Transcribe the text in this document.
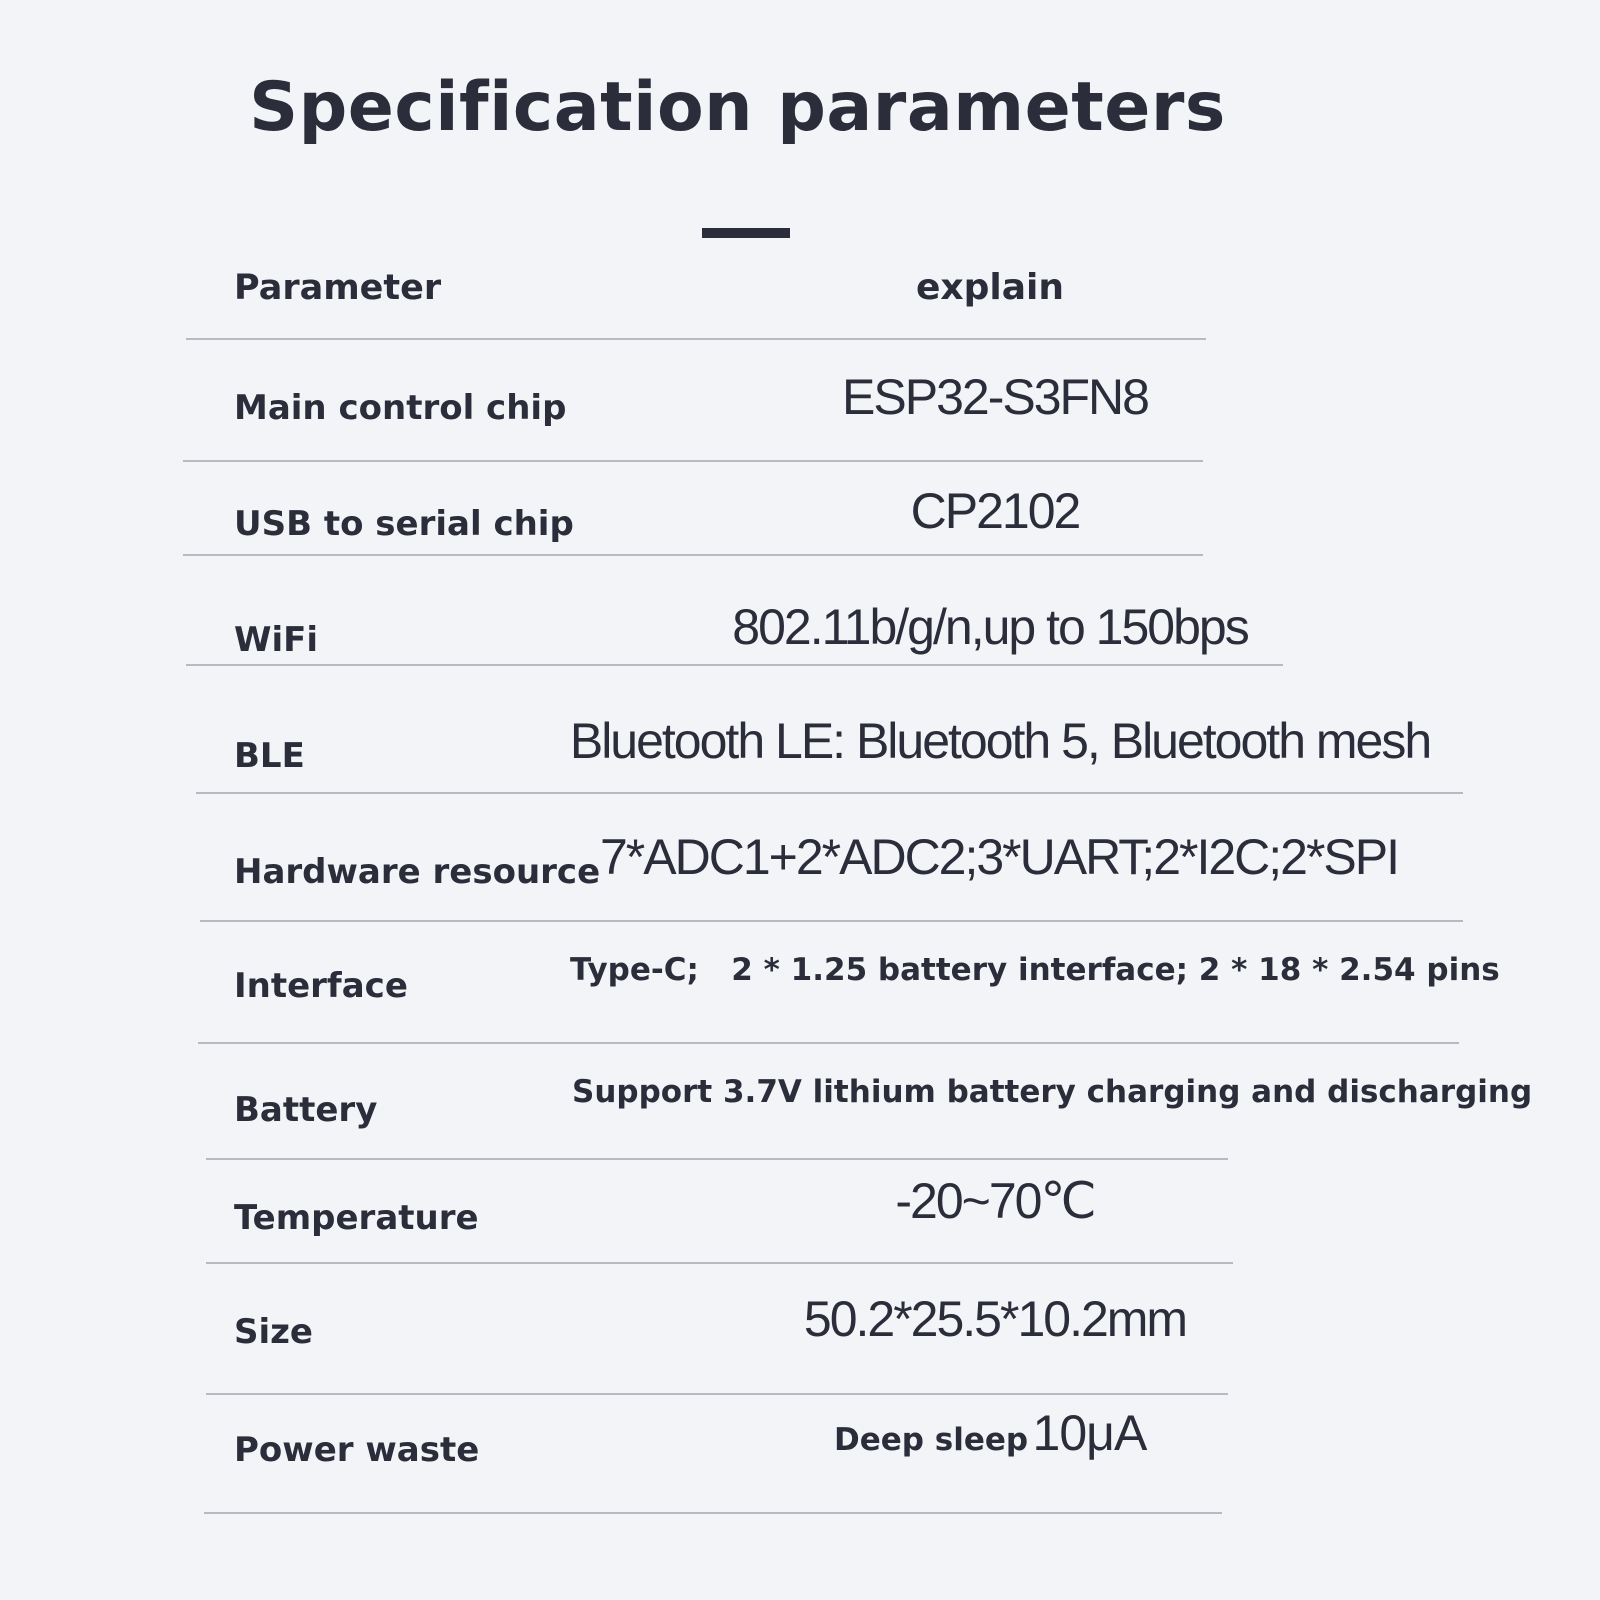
Specification parameters
Parameter	explain
Main control chip	ESP32-S3FN8
USB to serial chip	CP2102
WiFi	802.11b/g/n,up to 150bps
BLE	Bluetooth LE: Bluetooth 5, Bluetooth mesh
Hardware resource 7*ADC1+2*ADC2;3*UART;2*I2C;2*SPI
Interface	Type-C;   2 * 1.25 battery interface; 2 * 18 * 2.54 pins
Battery	Support 3.7V lithium battery charging and discharging
Temperature	-20~70℃
Size	50.2*25.5*10.2mm
Power waste	Deep sleep 10μA
